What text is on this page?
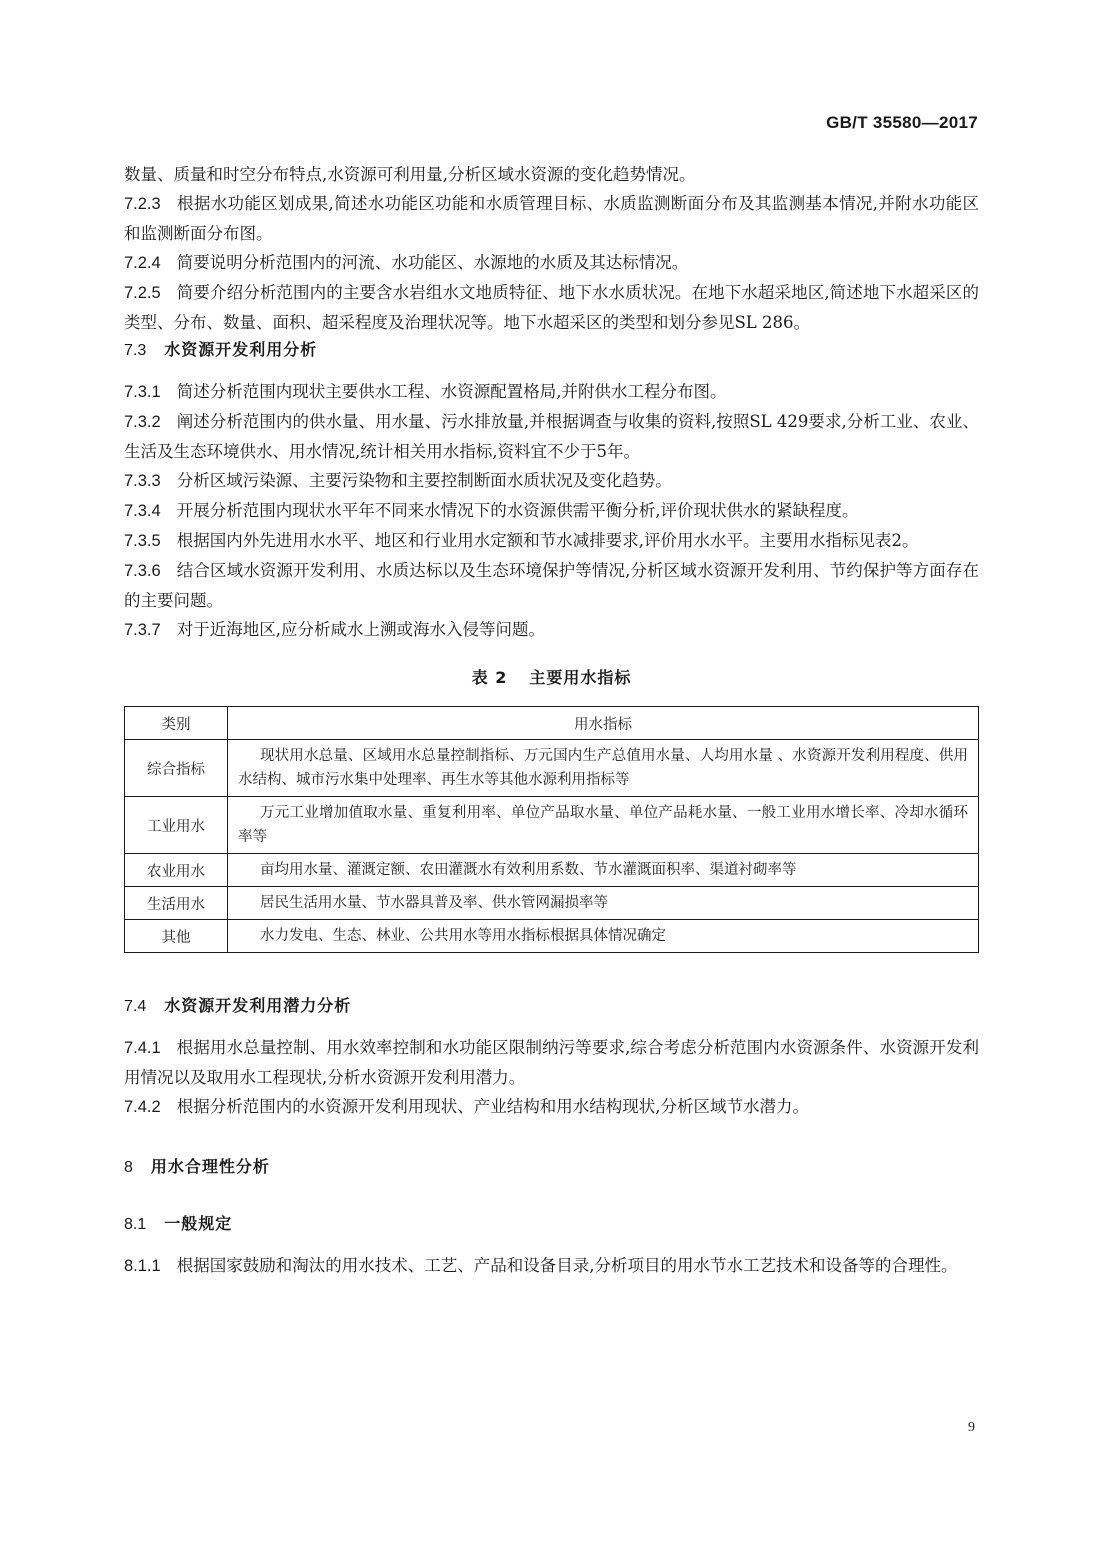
GB/T 35580—2017

数量、质量和时空分布特点,水资源可利用量,分析区域水资源的变化趋势情况。

7.2.3 根据水功能区划成果,简述水功能区功能和水质管理目标、水质监测断面分布及其监测基本情况,并附水功能区和监测断面分布图。

7.2.4 简要说明分析范围内的河流、水功能区、水源地的水质及其达标情况。

7.2.5 简要介绍分析范围内的主要含水岩组水文地质特征、地下水水质状况。在地下水超采地区,简述地下水超采区的类型、分布、数量、面积、超采程度及治理状况等。地下水超采区的类型和划分参见SL 286。

7.3 水资源开发利用分析

7.3.1 简述分析范围内现状主要供水工程、水资源配置格局,并附供水工程分布图。

7.3.2 阐述分析范围内的供水量、用水量、污水排放量,并根据调查与收集的资料,按照SL 429要求,分析工业、农业、生活及生态环境供水、用水情况,统计相关用水指标,资料宜不少于5年。

7.3.3 分析区域污染源、主要污染物和主要控制断面水质状况及变化趋势。

7.3.4 开展分析范围内现状水平年不同来水情况下的水资源供需平衡分析,评价现状供水的紧缺程度。

7.3.5 根据国内外先进用水水平、地区和行业用水定额和节水减排要求,评价用水水平。主要用水指标见表2。

7.3.6 结合区域水资源开发利用、水质达标以及生态环境保护等情况,分析区域水资源开发利用、节约保护等方面存在的主要问题。

7.3.7 对于近海地区,应分析咸水上溯或海水入侵等问题。

表 2 主要用水指标
类别	用水指标
综合指标	现状用水总量、区域用水总量控制指标、万元国内生产总值用水量、人均用水量 、水资源开发利用程度、供用水结构、城市污水集中处理率、再生水等其他水源利用指标等
工业用水	万元工业增加值取水量、重复利用率、单位产品取水量、单位产品耗水量、一般工业用水增长率、冷却水循环率等
农业用水	亩均用水量、灌溉定额、农田灌溉水有效利用系数、节水灌溉面积率、渠道衬砌率等
生活用水	居民生活用水量、节水器具普及率、供水管网漏损率等
其他	水力发电、生态、林业、公共用水等用水指标根据具体情况确定
7.4 水资源开发利用潜力分析

7.4.1 根据用水总量控制、用水效率控制和水功能区限制纳污等要求,综合考虑分析范围内水资源条件、水资源开发利用情况以及取用水工程现状,分析水资源开发利用潜力。

7.4.2 根据分析范围内的水资源开发利用现状、产业结构和用水结构现状,分析区域节水潜力。

8 用水合理性分析
8.1 一般规定

8.1.1 根据国家鼓励和淘汰的用水技术、工艺、产品和设备目录,分析项目的用水节水工艺技术和设备等的合理性。

9
